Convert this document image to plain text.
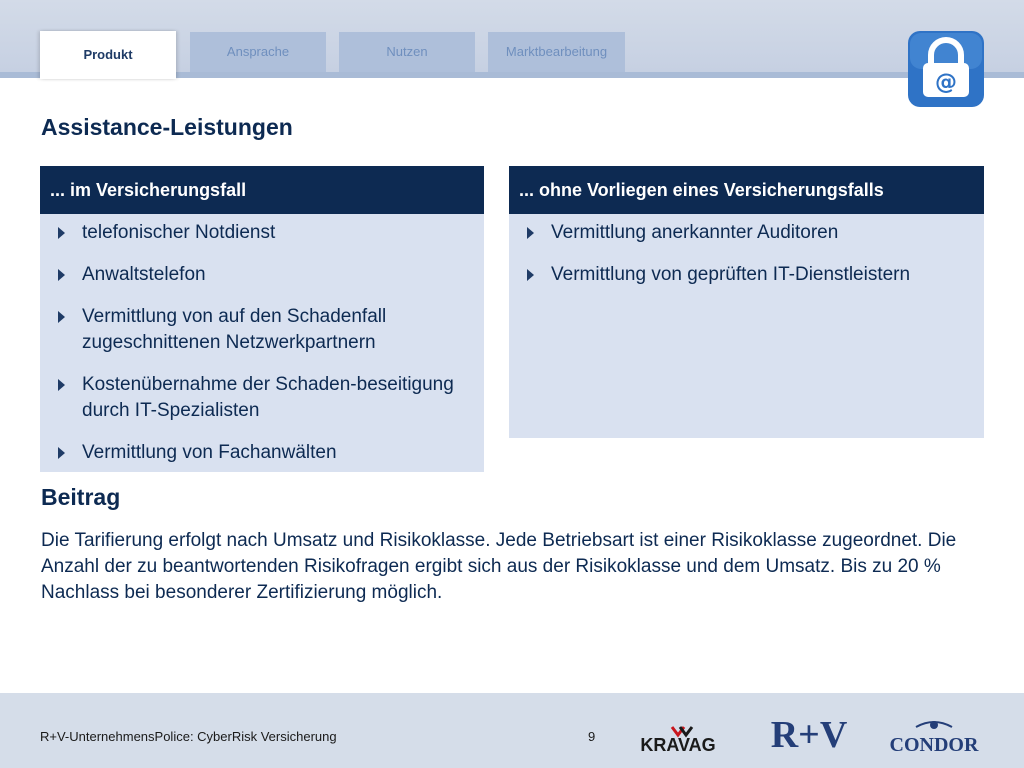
Produkt	Ansprache	Nutzen	Marktbearbeitung
@
Assistance-Leistungen
... im Versicherungsfall
telefonischer Notdienst
Anwaltstelefon
Vermittlung von auf den Schadenfall zugeschnittenen Netzwerkpartnern
Kostenübernahme der Schaden-beseitigung durch IT-Spezialisten
Vermittlung von Fachanwälten
... ohne Vorliegen eines Versicherungsfalls
Vermittlung anerkannter Auditoren
Vermittlung von geprüften IT-Dienstleistern
Beitrag
Die Tarifierung erfolgt nach Umsatz und Risikoklasse. Jede Betriebsart ist einer Risikoklasse zugeordnet. Die Anzahl der zu beantwortenden Risikofragen ergibt sich aus der Risikoklasse und dem Umsatz. Bis zu 20 % Nachlass bei besonderer Zertifizierung möglich.
R+V-UnternehmensPolice: CyberRisk Versicherung	9	KRAVAG R+V CONDOR
